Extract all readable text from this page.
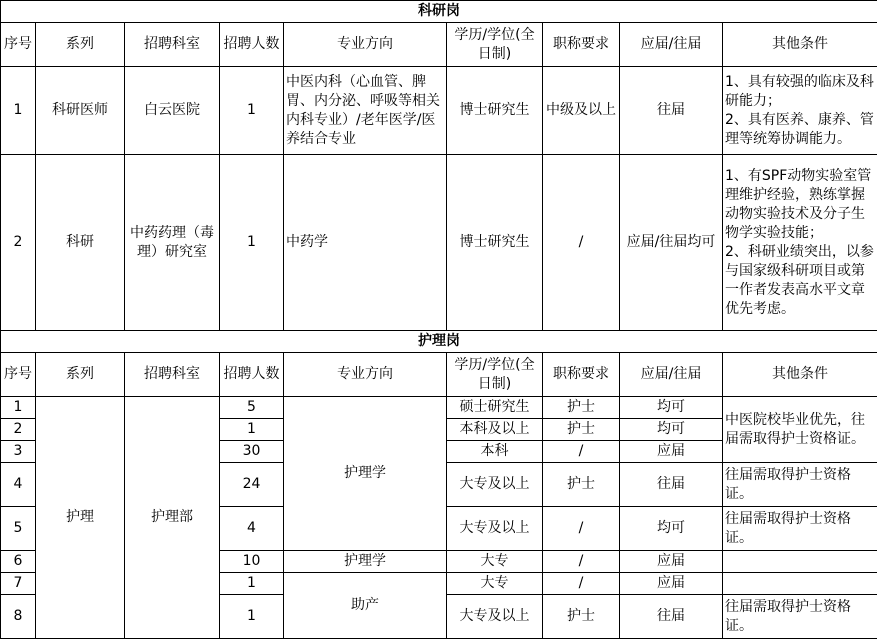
科研岗								
序号	系列	招聘科室	招聘人数	专业方向	学历/学位(全日制)	职称要求	应届/往届	其他条件
1	科研医师	白云医院	1	中医内科（心血管、脾胃、内分泌、呼吸等相关内科专业）/老年医学/医养结合专业	博士研究生	中级及以上	往届	1、具有较强的临床及科研能力；
2、具有医养、康养、管理等统筹协调能力。

2	科研	中药药理（毒理）研究室	1	中药学	博士研究生	/	应届/往届均可	1、有SPF动物实验室管理维护经验，熟练掌握动物实验技术及分子生物学实验技能；
2、科研业绩突出，以参与国家级科研项目或第一作者发表高水平文章优先考虑。

护理岗								
序号	系列	招聘科室	招聘人数	专业方向	学历/学位(全日制)	职称要求	应届/往届	其他条件
1	护理	护理部	5	护理学	硕士研究生	护士	均可	中医院校毕业优先，往届需取得护士资格证。
2			1		本科及以上	护士	均可	
3			30		本科	/	应届	
4			24		大专及以上	护士	往届	往届需取得护士资格证。
5			4		大专及以上	/	均可	往届需取得护士资格证。
6			10	护理学	大专	/	应届	
7			1	助产	大专	/	应届	
8			1		大专及以上	护士	往届	往届需取得护士资格证。
